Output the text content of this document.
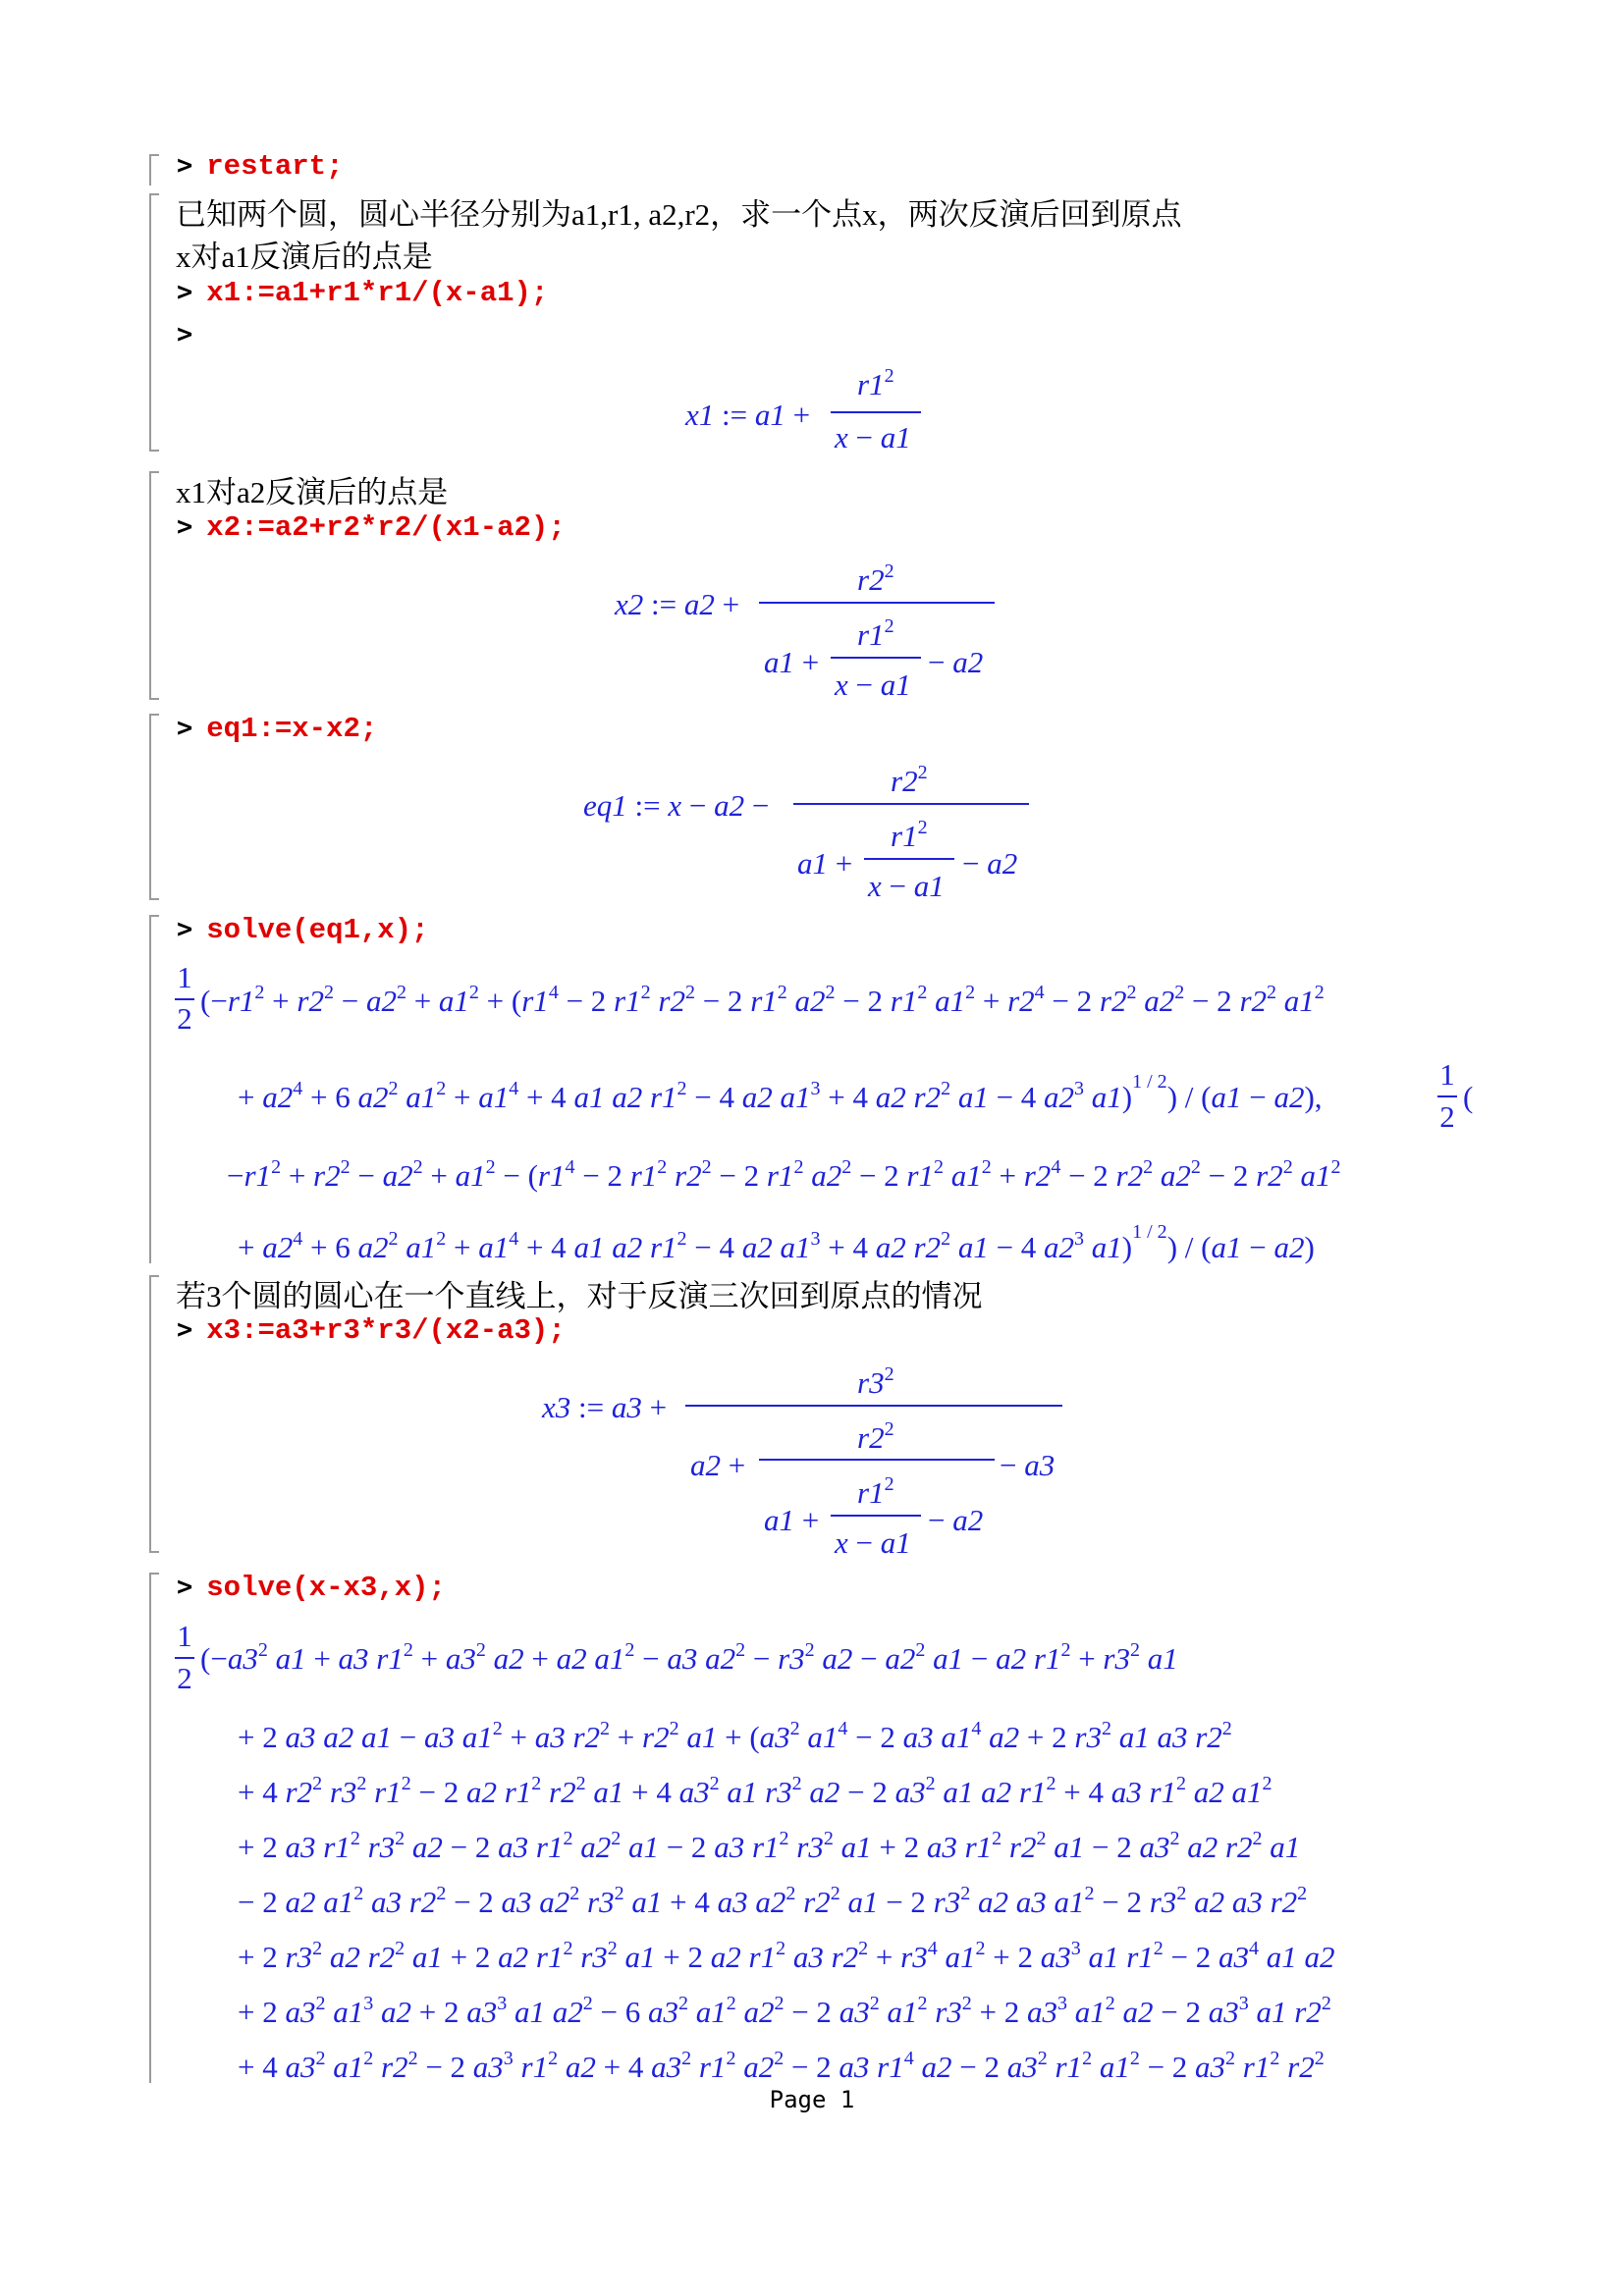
> restart;
已知两个圆，圆心半径分别为a1,r1, a2,r2，求一个点x，两次反演后回到原点
x对a1反演后的点是
> x1:=a1+r1*r1/(x-a1);
>
x1 := a1 +
$r1^2$
x − a1
x1对a2反演后的点是
> x2:=a2+r2*r2/(x1-a2);
x2 := a2 +
$r2^2$
a1 +
$r1^2$
x − a1
− a2
> eq1:=x-x2;
eq1 := x − a2 −
$r2^2$
a1 +
$r1^2$
x − a1
− a2
> solve(eq1,x);
1
2
($-r1^2 + r2^2 - a2^2 + a1^2 + (r1^4 - 2$ $r1^2$ $r2^2 - 2$ $r1^2$ $a2^2 - 2$ $r1^2$ $a1^2 + r2^4 - 2$ $r2^2$ $a2^2 - 2$ $r2^2$ $a1^2$
+ $a2^4 + 6$ $a2^2$ $a1^2 + a1^4 + 4$ a1 a2 $r1^2 - 4$ a2 $a1^3 + 4$ a2 $r2^2$ a1 − 4 $a2^3$ a1)$^{1 / 2}$) / (a1 − a2),
1
2
(
$-r1^2 + r2^2 - a2^2 + a1^2 - (r1^4 - 2$ $r1^2$ $r2^2 - 2$ $r1^2$ $a2^2 - 2$ $r1^2$ $a1^2 + r2^4 - 2$ $r2^2$ $a2^2 - 2$ $r2^2$ $a1^2$
+ $a2^4 + 6$ $a2^2$ $a1^2 + a1^4 + 4$ a1 a2 $r1^2 - 4$ a2 $a1^3 + 4$ a2 $r2^2$ a1 − 4 $a2^3$ a1)$^{1 / 2}$) / (a1 − a2)
若3个圆的圆心在一个直线上，对于反演三次回到原点的情况
> x3:=a3+r3*r3/(x2-a3);
x3 := a3 +
$r3^2$
a2 +
$r2^2$
− a3
a1 +
$r1^2$
x − a1
− a2
> solve(x-x3,x);
1
2
($-a3^2$ a1 + a3 $r1^2 + a3^2$ a2 + a2 $a1^2 - a3$ $a2^2 - r3^2$ $a2 - a2^2$ a1 − a2 $r1^2 + r3^2$ a1
+ 2 a3 a2 a1 − a3 $a1^2 + a3$ $r2^2 + r2^2$ $a1 + (a3^2$ $a1^4 - 2$ a3 $a1^4$ a2 + 2 $r3^2$ a1 a3 $r2^2$
+ 4 $r2^2$ $r3^2$ $r1^2 - 2$ a2 $r1^2$ $r2^2$ a1 + 4 $a3^2$ a1 $r3^2$ a2 − 2 $a3^2$ a1 a2 $r1^2 + 4$ a3 $r1^2$ a2 $a1^2$
+ 2 a3 $r1^2$ $r3^2$ a2 − 2 a3 $r1^2$ $a2^2$ a1 − 2 a3 $r1^2$ $r3^2$ a1 + 2 a3 $r1^2$ $r2^2$ a1 − 2 $a3^2$ a2 $r2^2$ a1
− 2 a2 $a1^2$ a3 $r2^2 - 2$ a3 $a2^2$ $r3^2$ a1 + 4 a3 $a2^2$ $r2^2$ a1 − 2 $r3^2$ a2 a3 $a1^2 - 2$ $r3^2$ a2 a3 $r2^2$
+ 2 $r3^2$ a2 $r2^2$ a1 + 2 a2 $r1^2$ $r3^2$ a1 + 2 a2 $r1^2$ a3 $r2^2 + r3^4$ $a1^2 + 2$ $a3^3$ a1 $r1^2 - 2$ $a3^4$ a1 a2
+ 2 $a3^2$ $a1^3$ a2 + 2 $a3^3$ a1 $a2^2 - 6$ $a3^2$ $a1^2$ $a2^2 - 2$ $a3^2$ $a1^2$ $r3^2 + 2$ $a3^3$ $a1^2$ a2 − 2 $a3^3$ a1 $r2^2$
+ 4 $a3^2$ $a1^2$ $r2^2 - 2$ $a3^3$ $r1^2$ a2 + 4 $a3^2$ $r1^2$ $a2^2 - 2$ a3 $r1^4$ a2 − 2 $a3^2$ $r1^2$ $a1^2 - 2$ $a3^2$ $r1^2$ $r2^2$
Page 1
